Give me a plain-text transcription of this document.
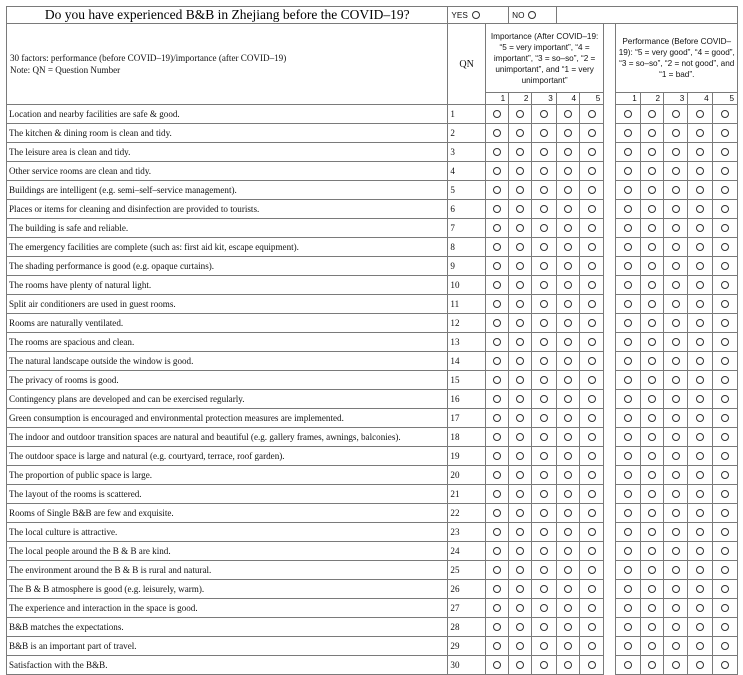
Do you have experienced B&B in Zhejiang before the COVID–19?	YES		NO									

30 factors: performance (before COVID–19)/importance (after COVID–19)
Note: QN = Question Number	QN	Importance (After COVID–19: “5 = very important”, “4 = important”, “3 = so–so”, “2 = unimportant”, and “1 = very unimportant”						Performance (Before COVID–19): “5 = very good”, “4 = good”, “3 = so–so”, “2 = not good”, and “1 = bad”.				
		1	2	3	4	5		1	2	3	4	5
Location and nearby facilities are safe & good.	1											
The kitchen & dining room is clean and tidy.	2											
The leisure area is clean and tidy.	3											
Other service rooms are clean and tidy.	4											
Buildings are intelligent (e.g. semi–self–service management).	5											
Places or items for cleaning and disinfection are provided to tourists.	6											
The building is safe and reliable.	7											
The emergency facilities are complete (such as: first aid kit, escape equipment).	8											
The shading performance is good (e.g. opaque curtains).	9											
The rooms have plenty of natural light.	10											
Split air conditioners are used in guest rooms.	11											
Rooms are naturally ventilated.	12											
The rooms are spacious and clean.	13											
The natural landscape outside the window is good.	14											
The privacy of rooms is good.	15											
Contingency plans are developed and can be exercised regularly.	16											
Green consumption is encouraged and environmental protection measures are implemented.	17											
The indoor and outdoor transition spaces are natural and beautiful (e.g. gallery frames, awnings, balconies).	18											
The outdoor space is large and natural (e.g. courtyard, terrace, roof garden).	19											
The proportion of public space is large.	20											
The layout of the rooms is scattered.	21											
Rooms of Single B&B are few and exquisite.	22											
The local culture is attractive.	23											
The local people around the B & B are kind.	24											
The environment around the B & B is rural and natural.	25											
The B & B atmosphere is good (e.g. leisurely, warm).	26											
The experience and interaction in the space is good.	27											
B&B matches the expectations.	28											
B&B is an important part of travel.	29											
Satisfaction with the B&B.	30											
